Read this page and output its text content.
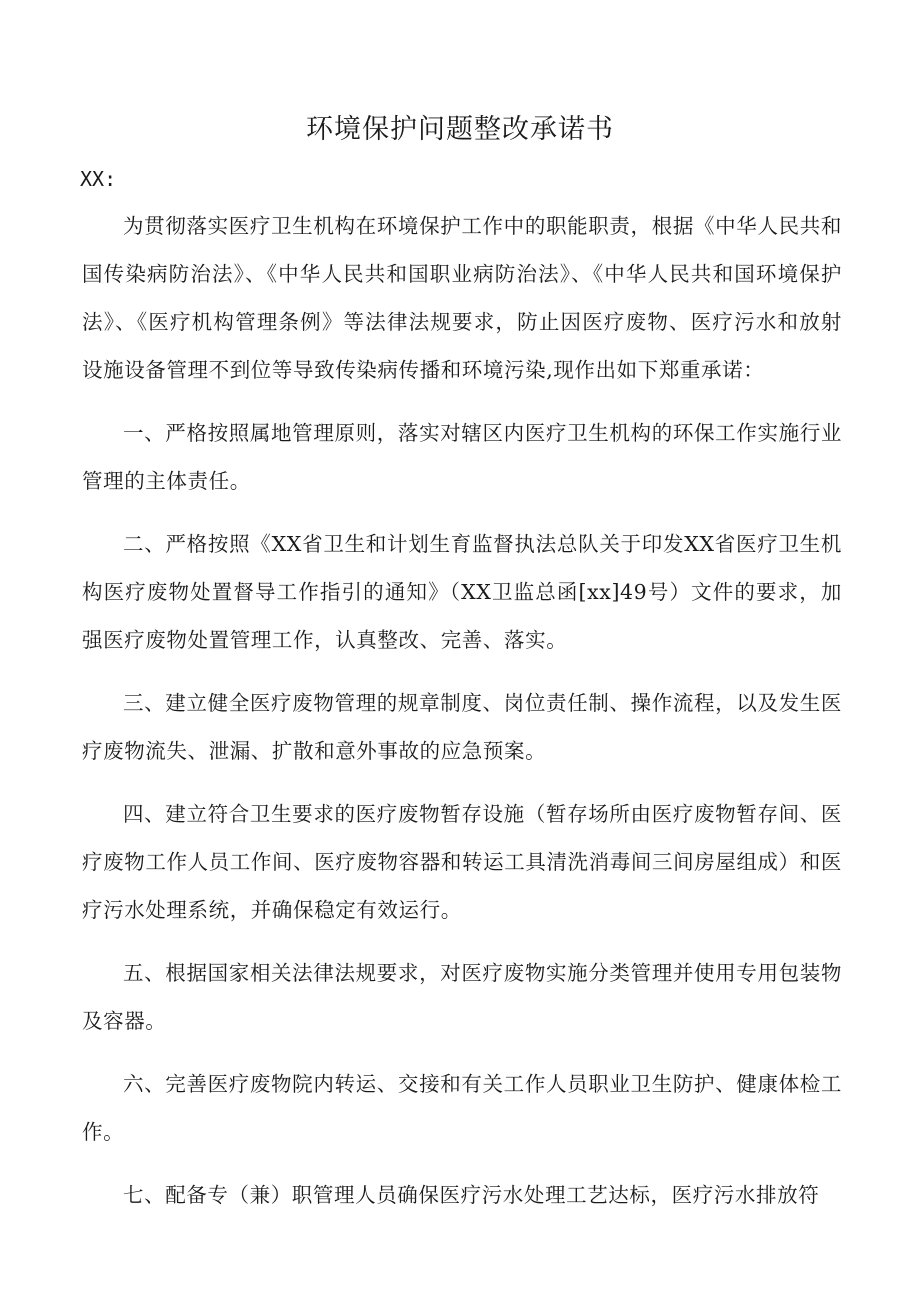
环境保护问题整改承诺书
XX:

为贯彻落实医疗卫生机构在环境保护工作中的职能职责，根据《中华人民共和国传染病防治法》、《中华人民共和国职业病防治法》、《中华人民共和国环境保护法》、《医疗机构管理条例》等法律法规要求，防止因医疗废物、医疗污水和放射设施设备管理不到位等导致传染病传播和环境污染,现作出如下郑重承诺：

一、严格按照属地管理原则，落实对辖区内医疗卫生机构的环保工作实施行业管理的主体责任。

二、严格按照《XX省卫生和计划生育监督执法总队关于印发XX省医疗卫生机构医疗废物处置督导工作指引的通知》（XX卫监总函[xx]49号）文件的要求，加强医疗废物处置管理工作，认真整改、完善、落实。

三、建立健全医疗废物管理的规章制度、岗位责任制、操作流程，以及发生医疗废物流失、泄漏、扩散和意外事故的应急预案。

四、建立符合卫生要求的医疗废物暂存设施（暂存场所由医疗废物暂存间、医疗废物工作人员工作间、医疗废物容器和转运工具清洗消毒间三间房屋组成）和医疗污水处理系统，并确保稳定有效运行。

五、根据国家相关法律法规要求，对医疗废物实施分类管理并使用专用包装物及容器。

六、完善医疗废物院内转运、交接和有关工作人员职业卫生防护、健康体检工作。

七、配备专（兼）职管理人员确保医疗污水处理工艺达标，医疗污水排放符
